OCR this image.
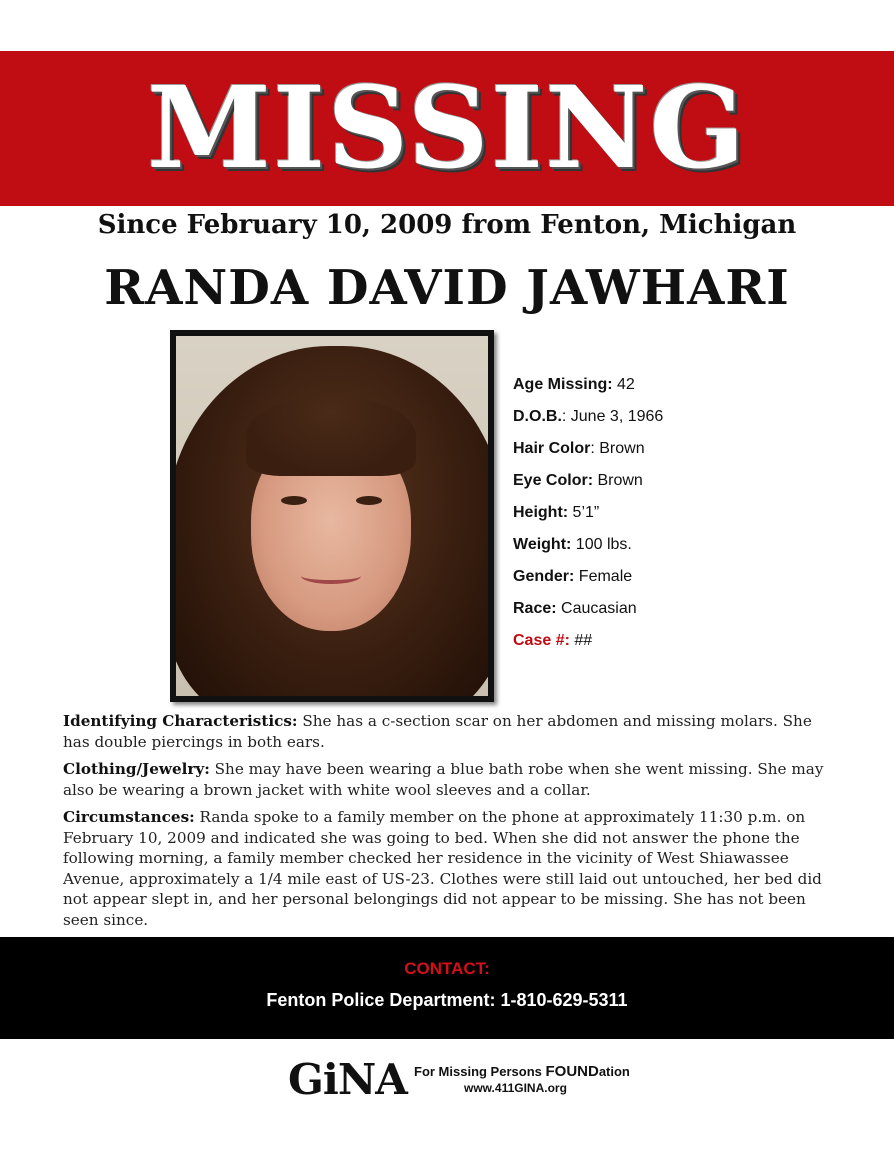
MISSING
Since February 10, 2009 from Fenton, Michigan
RANDA DAVID JAWHARI
Age Missing: 42
D.O.B.: June 3, 1966
Hair Color: Brown
Eye Color: Brown
Height: 5’1”
Weight: 100 lbs.
Gender: Female
Race: Caucasian
Case #: ##
Identifying Characteristics: She has a c-section scar on her abdomen and missing molars. She has double piercings in both ears.
Clothing/Jewelry: She may have been wearing a blue bath robe when she went missing. She may also be wearing a brown jacket with white wool sleeves and a collar.
Circumstances: Randa spoke to a family member on the phone at approximately 11:30 p.m. on February 10, 2009 and indicated she was going to bed. When she did not answer the phone the following morning, a family member checked her residence in the vicinity of West Shiawassee Avenue, approximately a 1/4 mile east of US-23. Clothes were still laid out untouched, her bed did not appear slept in, and her personal belongings did not appear to be missing. She has not been seen since.
CONTACT:
Fenton Police Department: 1-810-629-5311
GiNA For Missing Persons FOUNDation
www.411GINA.org
